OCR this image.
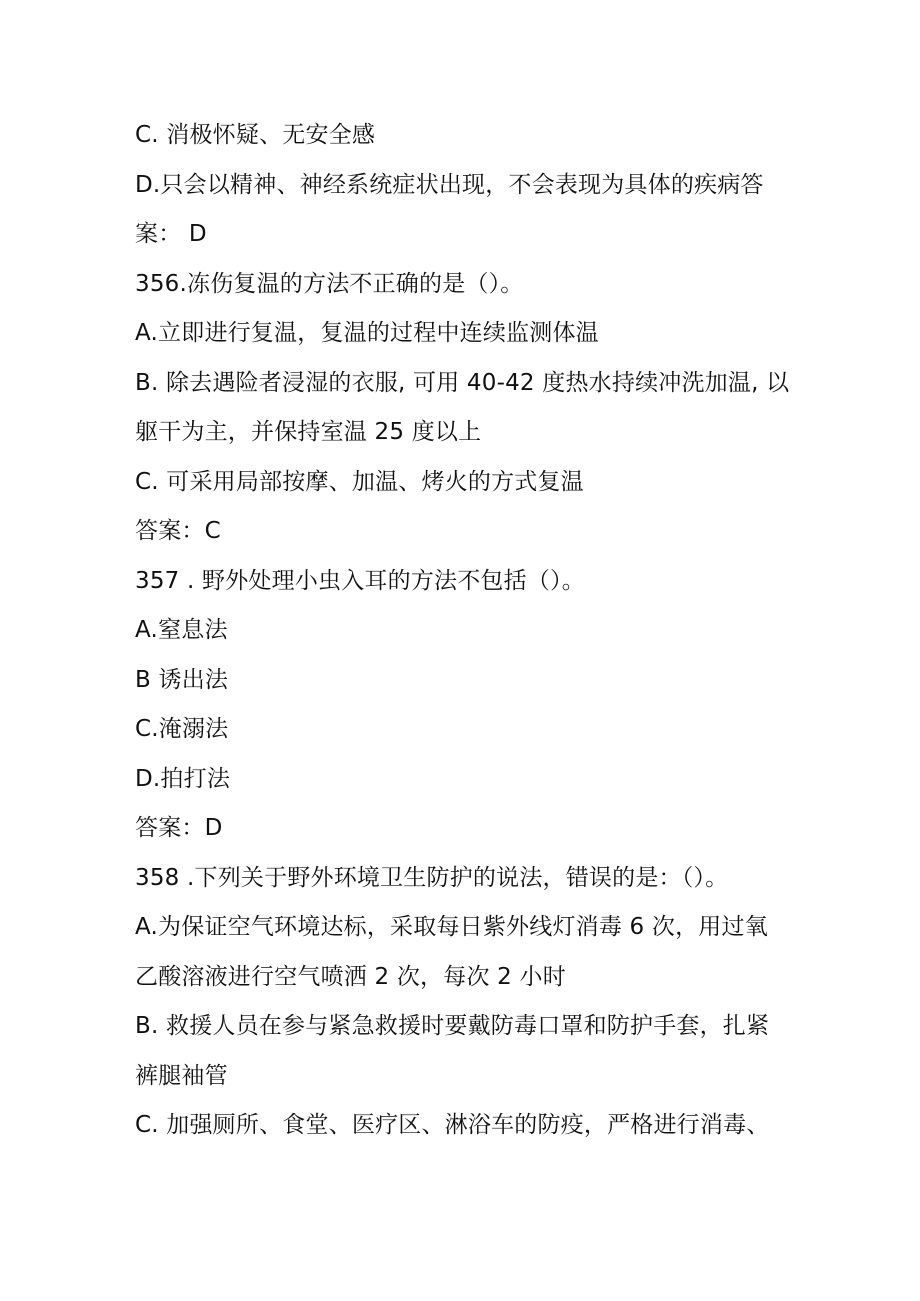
C. 消极怀疑、无安全感
D.只会以精神、神经系统症状出现，不会表现为具体的疾病答
案： D
356.冻伤复温的方法不正确的是（）。
A.立即进行复温，复温的过程中连续监测体温
B. 除去遇险者浸湿的衣服, 可用 40-42 度热水持续冲洗加温, 以
躯干为主，并保持室温 25 度以上
C. 可采用局部按摩、加温、烤火的方式复温
答案：C
357 . 野外处理小虫入耳的方法不包括（）。
A.窒息法
B 诱出法
C.淹溺法
D.拍打法
答案：D
358 .下列关于野外环境卫生防护的说法，错误的是：（）。
A.为保证空气环境达标，采取每日紫外线灯消毒 6 次，用过氧
乙酸溶液进行空气喷洒 2 次，每次 2 小时
B. 救援人员在参与紧急救援时要戴防毒口罩和防护手套，扎紧
裤腿袖管
C. 加强厕所、食堂、医疗区、淋浴车的防疫，严格进行消毒、
